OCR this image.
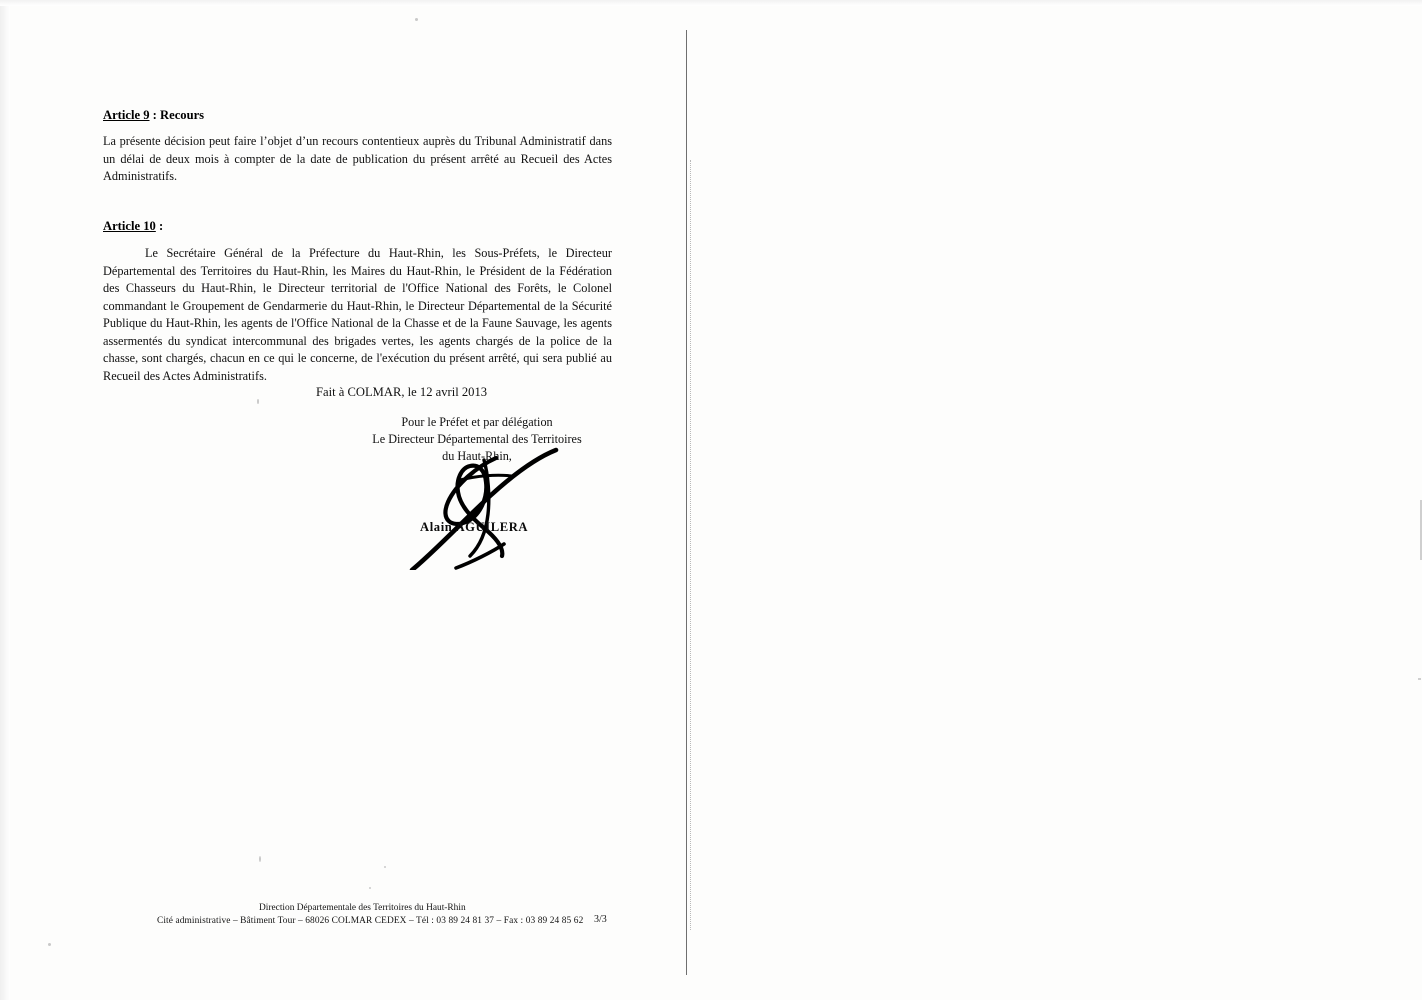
Article 9 : Recours
La présente décision peut faire l’objet d’un recours contentieux auprès du Tribunal Administratif dans un délai de deux mois à compter de la date de publication du présent arrêté au Recueil des Actes Administratifs.
Article 10 :
Le Secrétaire Général de la Préfecture du Haut-Rhin, les Sous-Préfets, le Directeur Départemental des Territoires du Haut-Rhin, les Maires du Haut-Rhin, le Président de la Fédération des Chasseurs du Haut-Rhin, le Directeur territorial de l'Office National des Forêts, le Colonel commandant le Groupement de Gendarmerie du Haut-Rhin, le Directeur Départemental de la Sécurité Publique du Haut-Rhin, les agents de l'Office National de la Chasse et de la Faune Sauvage, les agents assermentés du syndicat intercommunal des brigades vertes, les agents chargés de la police de la chasse, sont chargés, chacun en ce qui le concerne, de l'exécution du présent arrêté, qui sera publié au Recueil des Actes Administratifs.
Fait à COLMAR, le 12 avril 2013
Pour le Préfet et par délégation
Le Directeur Départemental des Territoires
du Haut-Rhin,
Alain AGUILERA
Direction Départementale des Territoires du Haut-Rhin
Cité administrative – Bâtiment Tour – 68026 COLMAR CEDEX – Tél : 03 89 24 81 37 – Fax : 03 89 24 85 62 3/3
